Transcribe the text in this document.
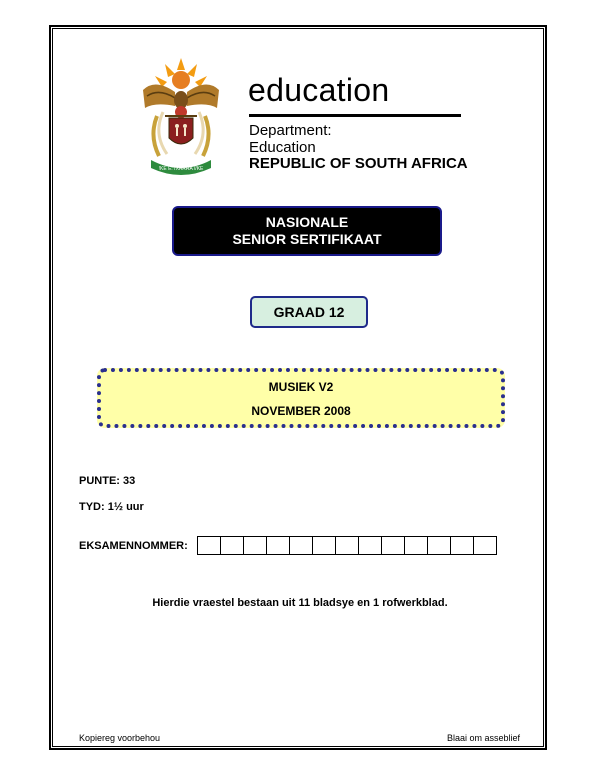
!KE E: /XARRA //KE
education
Department:
Education
REPUBLIC OF SOUTH AFRICA
NASIONALE
SENIOR SERTIFIKAAT
GRAAD 12
MUSIEK V2
NOVEMBER 2008
PUNTE: 33
TYD: 1½ uur
EKSAMENNOMMER:
Hierdie vraestel bestaan uit 11 bladsye en 1 rofwerkblad.
Kopiereg voorbehou	Blaai om asseblief
